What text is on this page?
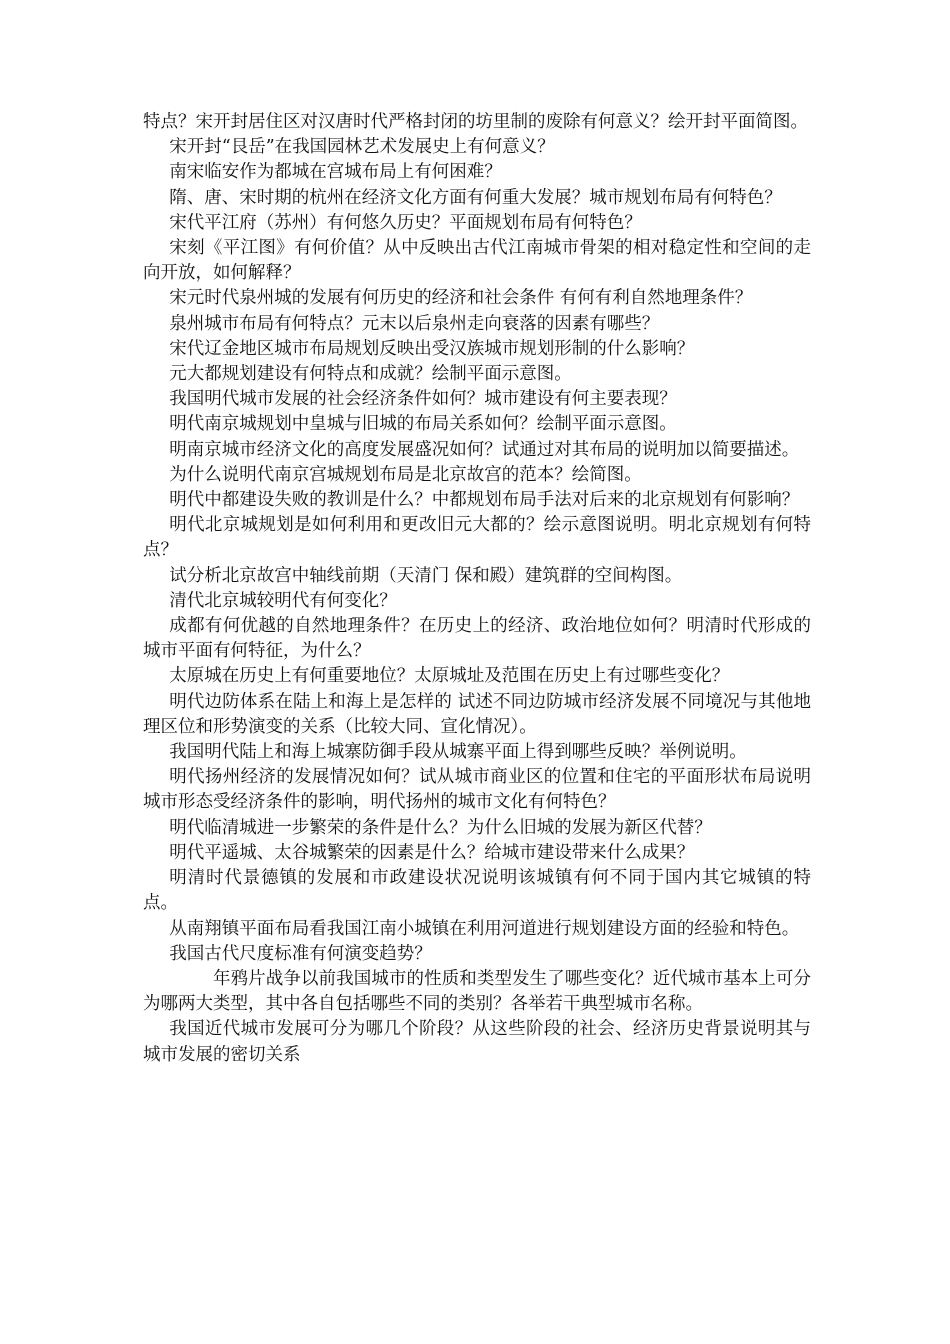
特点？宋开封居住区对汉唐时代严格封闭的坊里制的废除有何意义？绘开封平面简图。

宋开封“艮岳”在我国园林艺术发展史上有何意义？

南宋临安作为都城在宫城布局上有何困难？

隋、唐、宋时期的杭州在经济文化方面有何重大发展？城市规划布局有何特色？

宋代平江府（苏州）有何悠久历史？平面规划布局有何特色？

宋刻《平江图》有何价值？从中反映出古代江南城市骨架的相对稳定性和空间的走向开放，如何解释？

宋元时代泉州城的发展有何历史的经济和社会条件 有何有利自然地理条件？

泉州城市布局有何特点？元末以后泉州走向衰落的因素有哪些？

宋代辽金地区城市布局规划反映出受汉族城市规划形制的什么影响？

元大都规划建设有何特点和成就？绘制平面示意图。

我国明代城市发展的社会经济条件如何？城市建设有何主要表现？

明代南京城规划中皇城与旧城的布局关系如何？绘制平面示意图。

明南京城市经济文化的高度发展盛况如何？试通过对其布局的说明加以简要描述。

为什么说明代南京宫城规划布局是北京故宫的范本？绘简图。

明代中都建设失败的教训是什么？中都规划布局手法对后来的北京规划有何影响？

明代北京城规划是如何利用和更改旧元大都的？绘示意图说明。明北京规划有何特点？

试分析北京故宫中轴线前期（天清门 保和殿）建筑群的空间构图。

清代北京城较明代有何变化？

成都有何优越的自然地理条件？在历史上的经济、政治地位如何？明清时代形成的城市平面有何特征，为什么？

太原城在历史上有何重要地位？太原城址及范围在历史上有过哪些变化？

明代边防体系在陆上和海上是怎样的 试述不同边防城市经济发展不同境况与其他地理区位和形势演变的关系（比较大同、宣化情况）。

我国明代陆上和海上城寨防御手段从城寨平面上得到哪些反映？举例说明。

明代扬州经济的发展情况如何？试从城市商业区的位置和住宅的平面形状布局说明城市形态受经济条件的影响，明代扬州的城市文化有何特色？

明代临清城进一步繁荣的条件是什么？为什么旧城的发展为新区代替？

明代平遥城、太谷城繁荣的因素是什么？给城市建设带来什么成果？

明清时代景德镇的发展和市政建设状况说明该城镇有何不同于国内其它城镇的特点。

从南翔镇平面布局看我国江南小城镇在利用河道进行规划建设方面的经验和特色。

我国古代尺度标准有何演变趋势？

年鸦片战争以前我国城市的性质和类型发生了哪些变化？近代城市基本上可分为哪两大类型，其中各自包括哪些不同的类别？各举若干典型城市名称。

我国近代城市发展可分为哪几个阶段？从这些阶段的社会、经济历史背景说明其与城市发展的密切关系
